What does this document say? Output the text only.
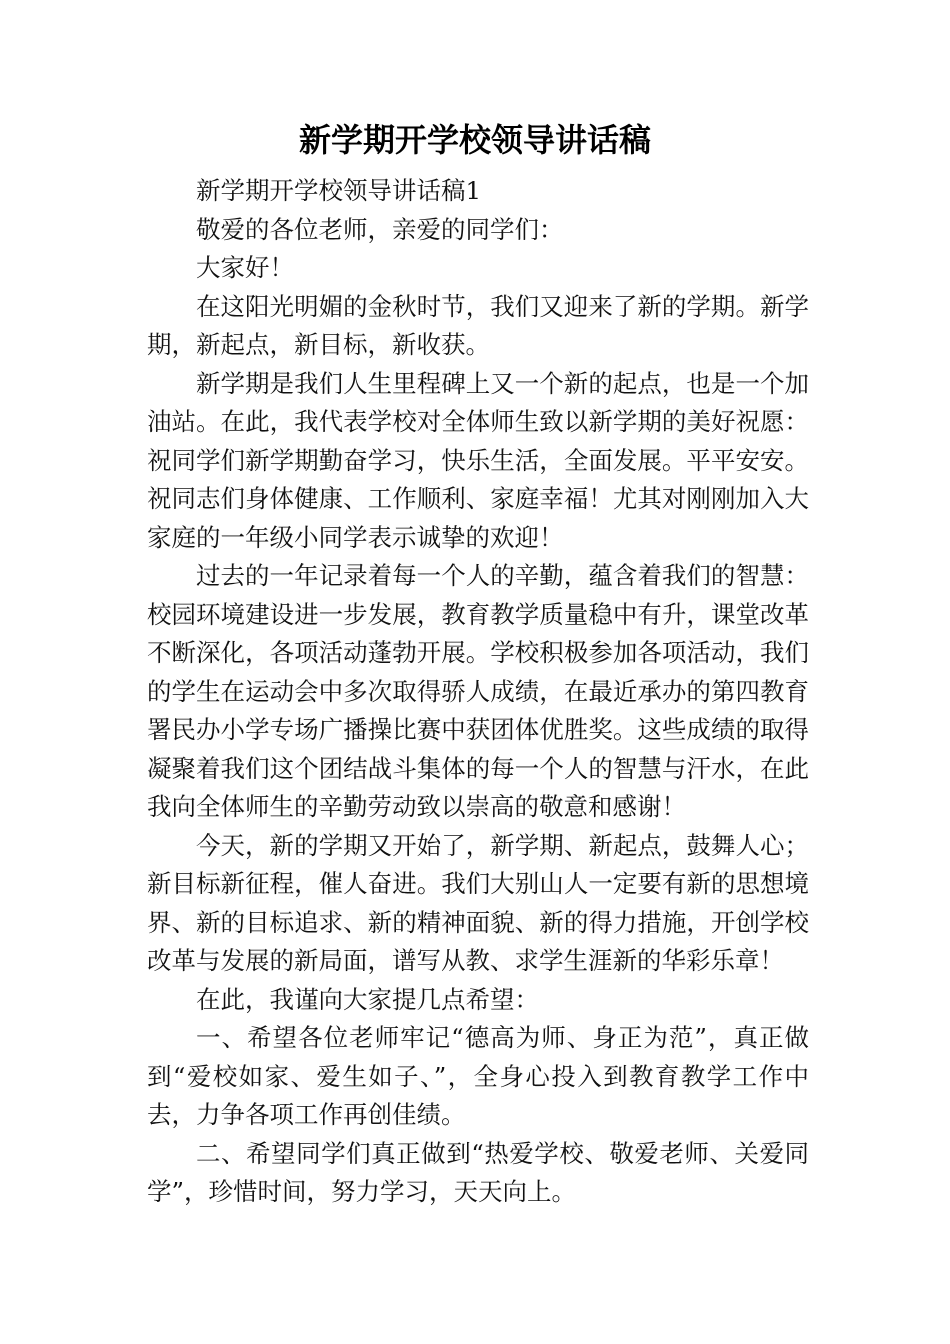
新学期开学校领导讲话稿

新学期开学校领导讲话稿1

敬爱的各位老师，亲爱的同学们：

大家好！

在这阳光明媚的金秋时节，我们又迎来了新的学期。新学期，新起点，新目标，新收获。

新学期是我们人生里程碑上又一个新的起点，也是一个加油站。在此，我代表学校对全体师生致以新学期的美好祝愿：祝同学们新学期勤奋学习，快乐生活，全面发展。平平安安。祝同志们身体健康、工作顺利、家庭幸福！尤其对刚刚加入大家庭的一年级小同学表示诚挚的欢迎！

过去的一年记录着每一个人的辛勤，蕴含着我们的智慧：校园环境建设进一步发展，教育教学质量稳中有升，课堂改革不断深化，各项活动蓬勃开展。学校积极参加各项活动，我们的学生在运动会中多次取得骄人成绩，在最近承办的第四教育署民办小学专场广播操比赛中获团体优胜奖。这些成绩的取得凝聚着我们这个团结战斗集体的每一个人的智慧与汗水，在此我向全体师生的辛勤劳动致以崇高的敬意和感谢！

今天，新的学期又开始了，新学期、新起点，鼓舞人心；新目标新征程，催人奋进。我们大别山人一定要有新的思想境界、新的目标追求、新的精神面貌、新的得力措施，开创学校改革与发展的新局面，谱写从教、求学生涯新的华彩乐章！

在此，我谨向大家提几点希望：

一、希望各位老师牢记“德高为师、身正为范”，真正做到“爱校如家、爱生如子、”，全身心投入到教育教学工作中去，力争各项工作再创佳绩。

二、希望同学们真正做到“热爱学校、敬爱老师、关爱同学”，珍惜时间，努力学习，天天向上。
